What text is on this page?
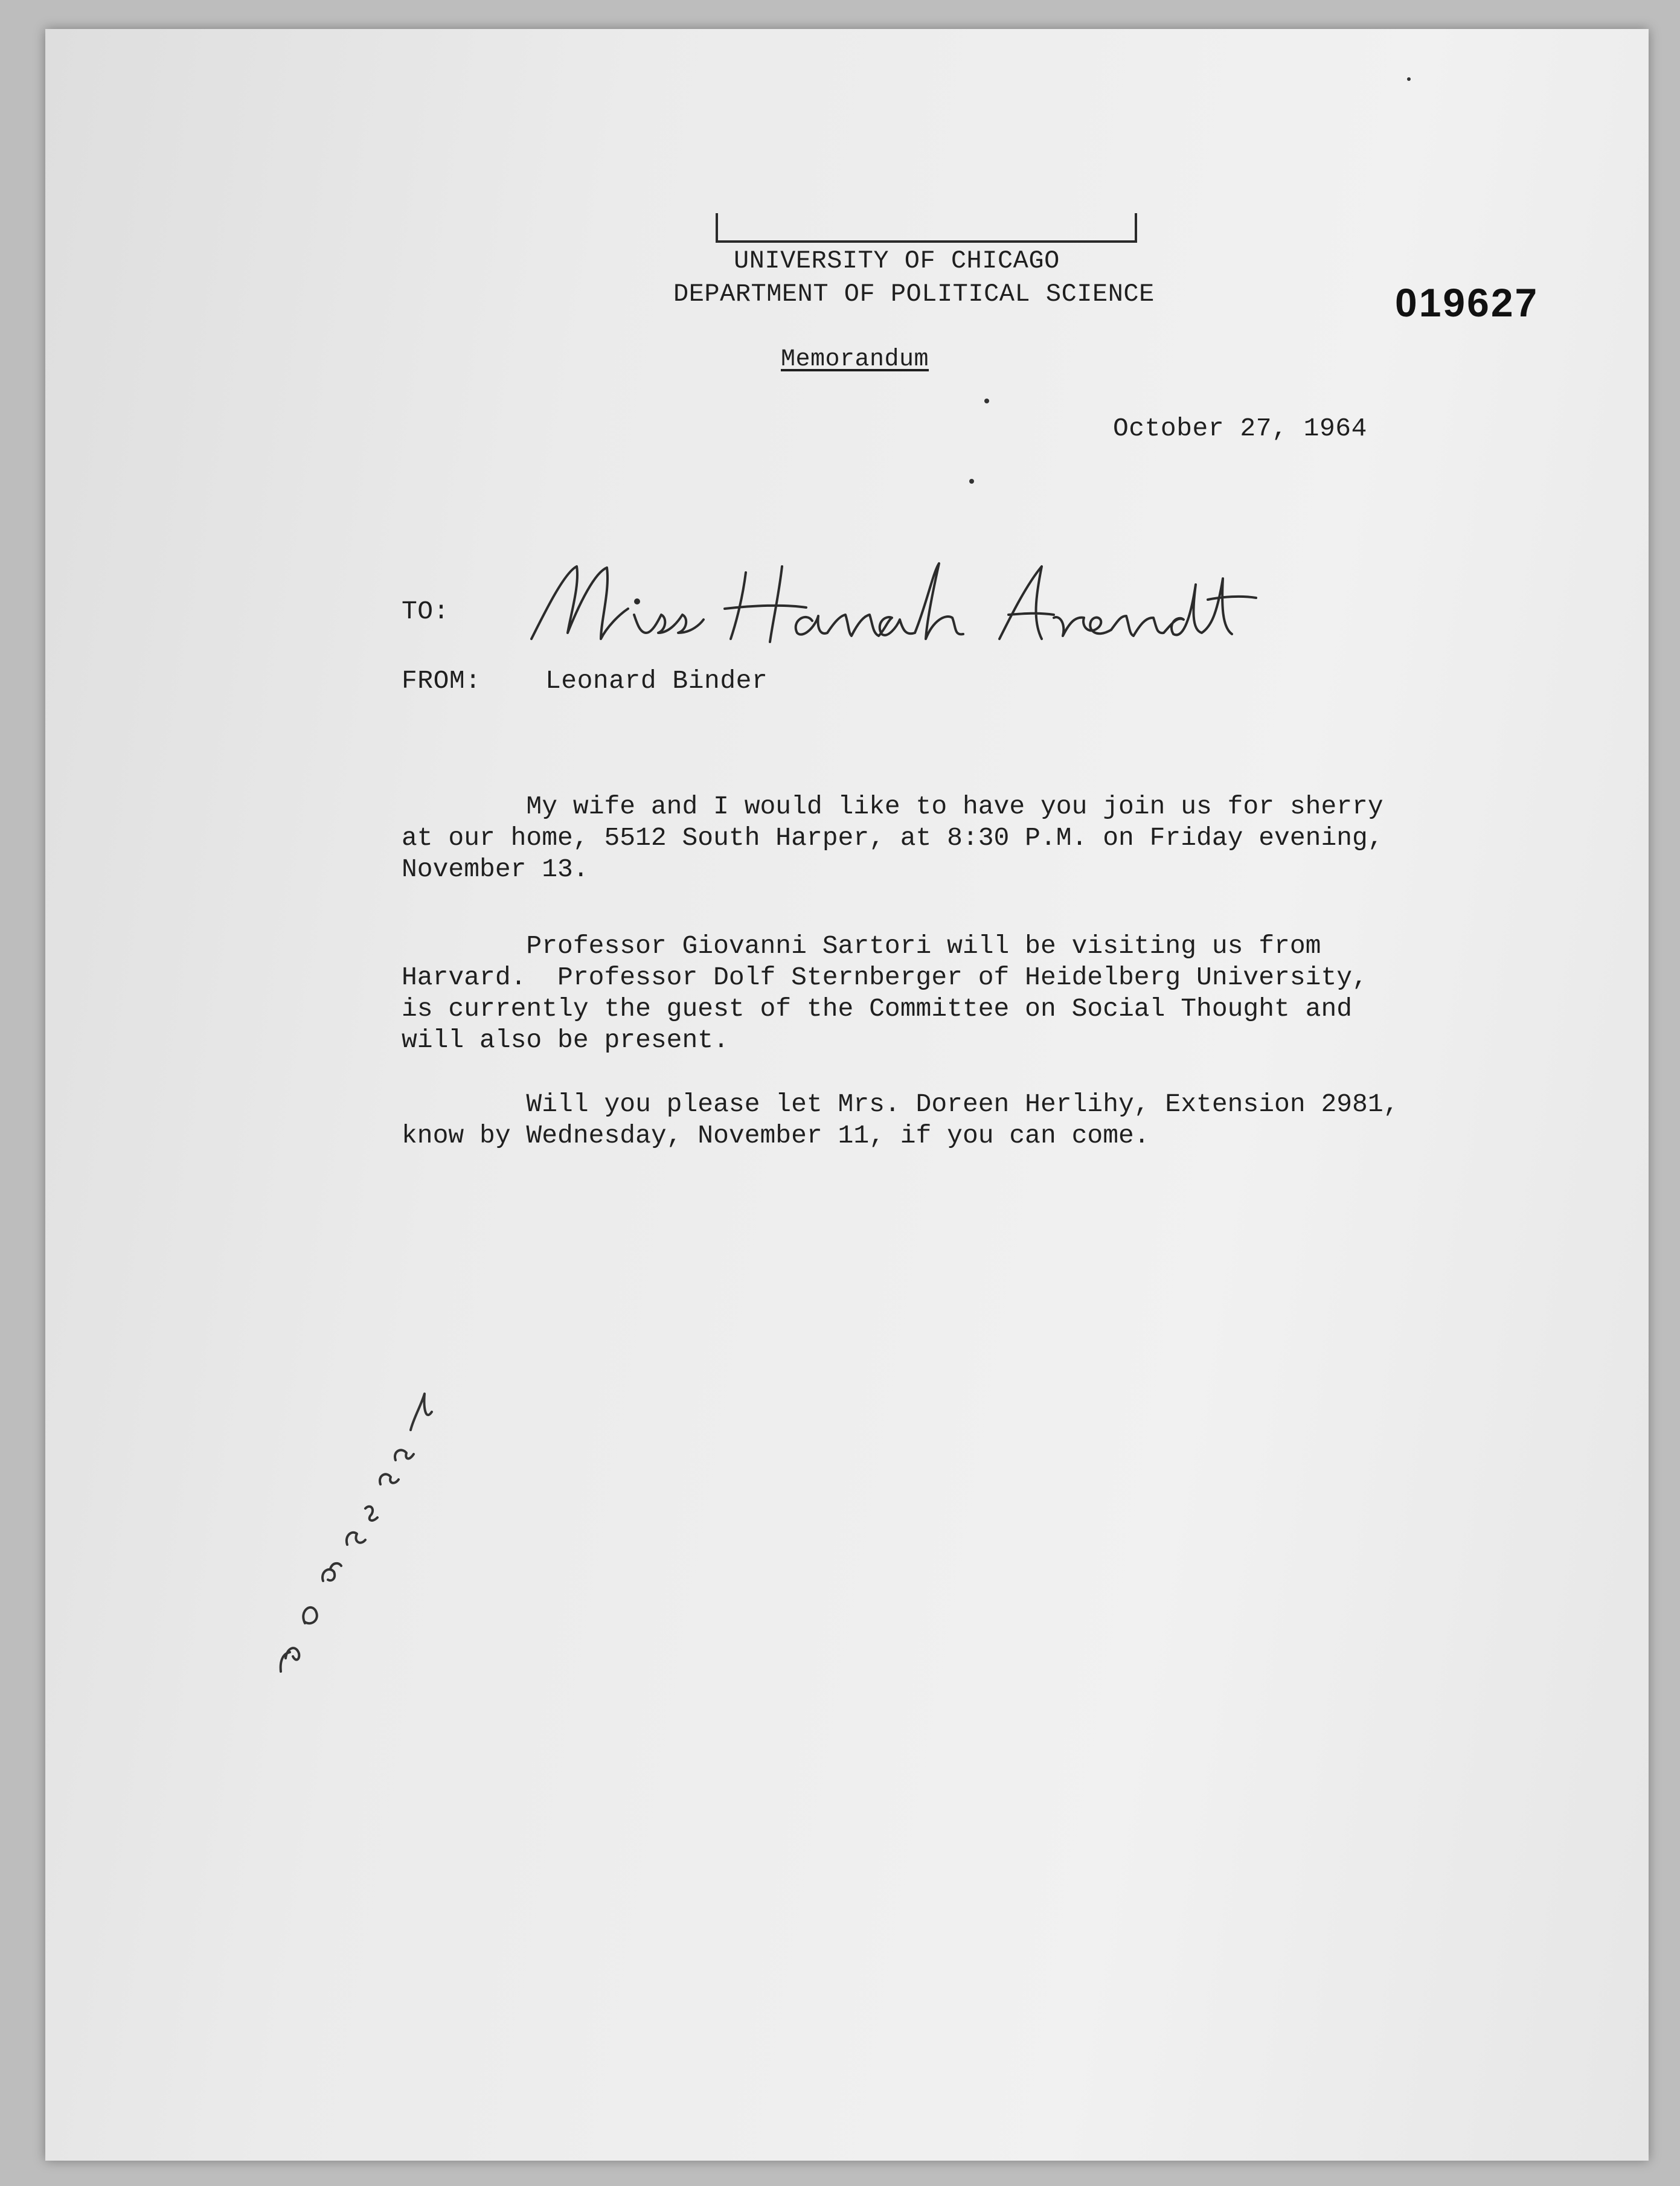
UNIVERSITY OF CHICAGO
DEPARTMENT OF POLITICAL SCIENCE
Memorandum
019627
October 27, 1964
TO:
FROM: Leonard Binder
My wife and I would like to have you join us for sherry
at our home, 5512 South Harper, at 8:30 P.M. on Friday evening,
November 13.
Professor Giovanni Sartori will be visiting us from
Harvard.  Professor Dolf Sternberger of Heidelberg University,
is currently the guest of the Committee on Social Thought and
will also be present.
Will you please let Mrs. Doreen Herlihy, Extension 2981,
know by Wednesday, November 11, if you can come.
